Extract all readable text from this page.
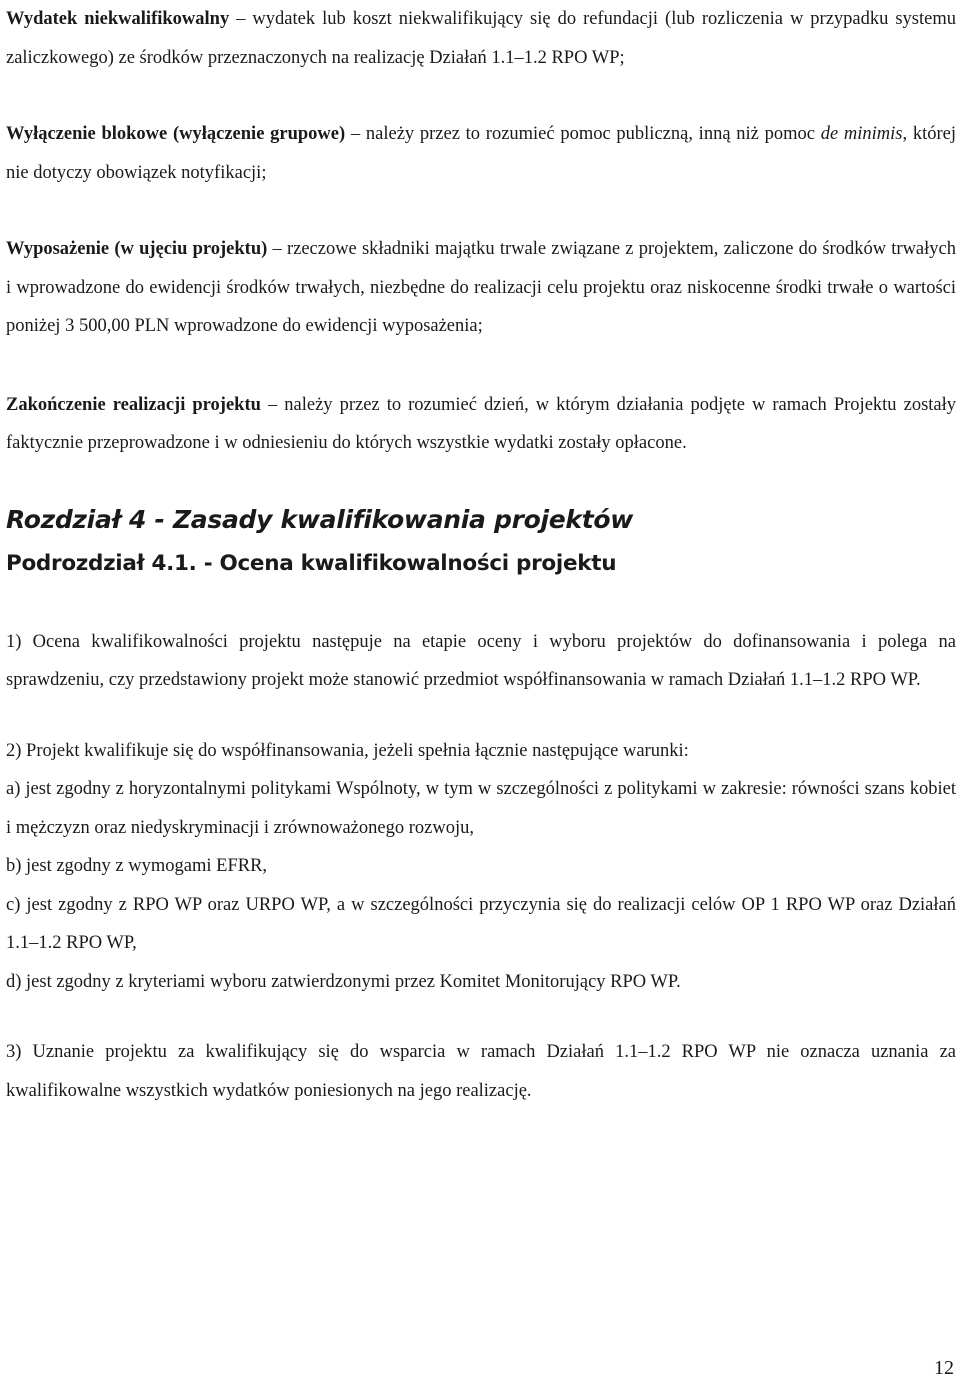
Wydatek niekwalifikowalny – wydatek lub koszt niekwalifikujący się do refundacji (lub rozliczenia w przypadku systemu zaliczkowego) ze środków przeznaczonych na realizację Działań 1.1–1.2 RPO WP;

Wyłączenie blokowe (wyłączenie grupowe) – należy przez to rozumieć pomoc publiczną, inną niż pomoc de minimis, której nie dotyczy obowiązek notyfikacji;

Wyposażenie (w ujęciu projektu) – rzeczowe składniki majątku trwale związane z projektem, zaliczone do środków trwałych i wprowadzone do ewidencji środków trwałych, niezbędne do realizacji celu projektu oraz niskocenne środki trwałe o wartości poniżej 3 500,00 PLN wprowadzone do ewidencji wyposażenia;

Zakończenie realizacji projektu – należy przez to rozumieć dzień, w którym działania podjęte w ramach Projektu zostały faktycznie przeprowadzone i w odniesieniu do których wszystkie wydatki zostały opłacone.

Rozdział 4 - Zasady kwalifikowania projektów
Podrozdział 4.1. - Ocena kwalifikowalności projektu

1) Ocena kwalifikowalności projektu następuje na etapie oceny i wyboru projektów do dofinansowania i polega na sprawdzeniu, czy przedstawiony projekt może stanowić przedmiot współfinansowania w ramach Działań 1.1–1.2 RPO WP.

2) Projekt kwalifikuje się do współfinansowania, jeżeli spełnia łącznie następujące warunki:

a) jest zgodny z horyzontalnymi politykami Wspólnoty, w tym w szczególności z politykami w zakresie: równości szans kobiet i mężczyzn oraz niedyskryminacji i zrównoważonego rozwoju,

b) jest zgodny z wymogami EFRR,

c) jest zgodny z RPO WP oraz URPO WP, a w szczególności przyczynia się do realizacji celów OP 1 RPO WP oraz Działań 1.1–1.2 RPO WP,

d) jest zgodny z kryteriami wyboru zatwierdzonymi przez Komitet Monitorujący RPO WP.

3) Uznanie projektu za kwalifikujący się do wsparcia w ramach Działań 1.1–1.2 RPO WP nie oznacza uznania za kwalifikowalne wszystkich wydatków poniesionych na jego realizację.

12
